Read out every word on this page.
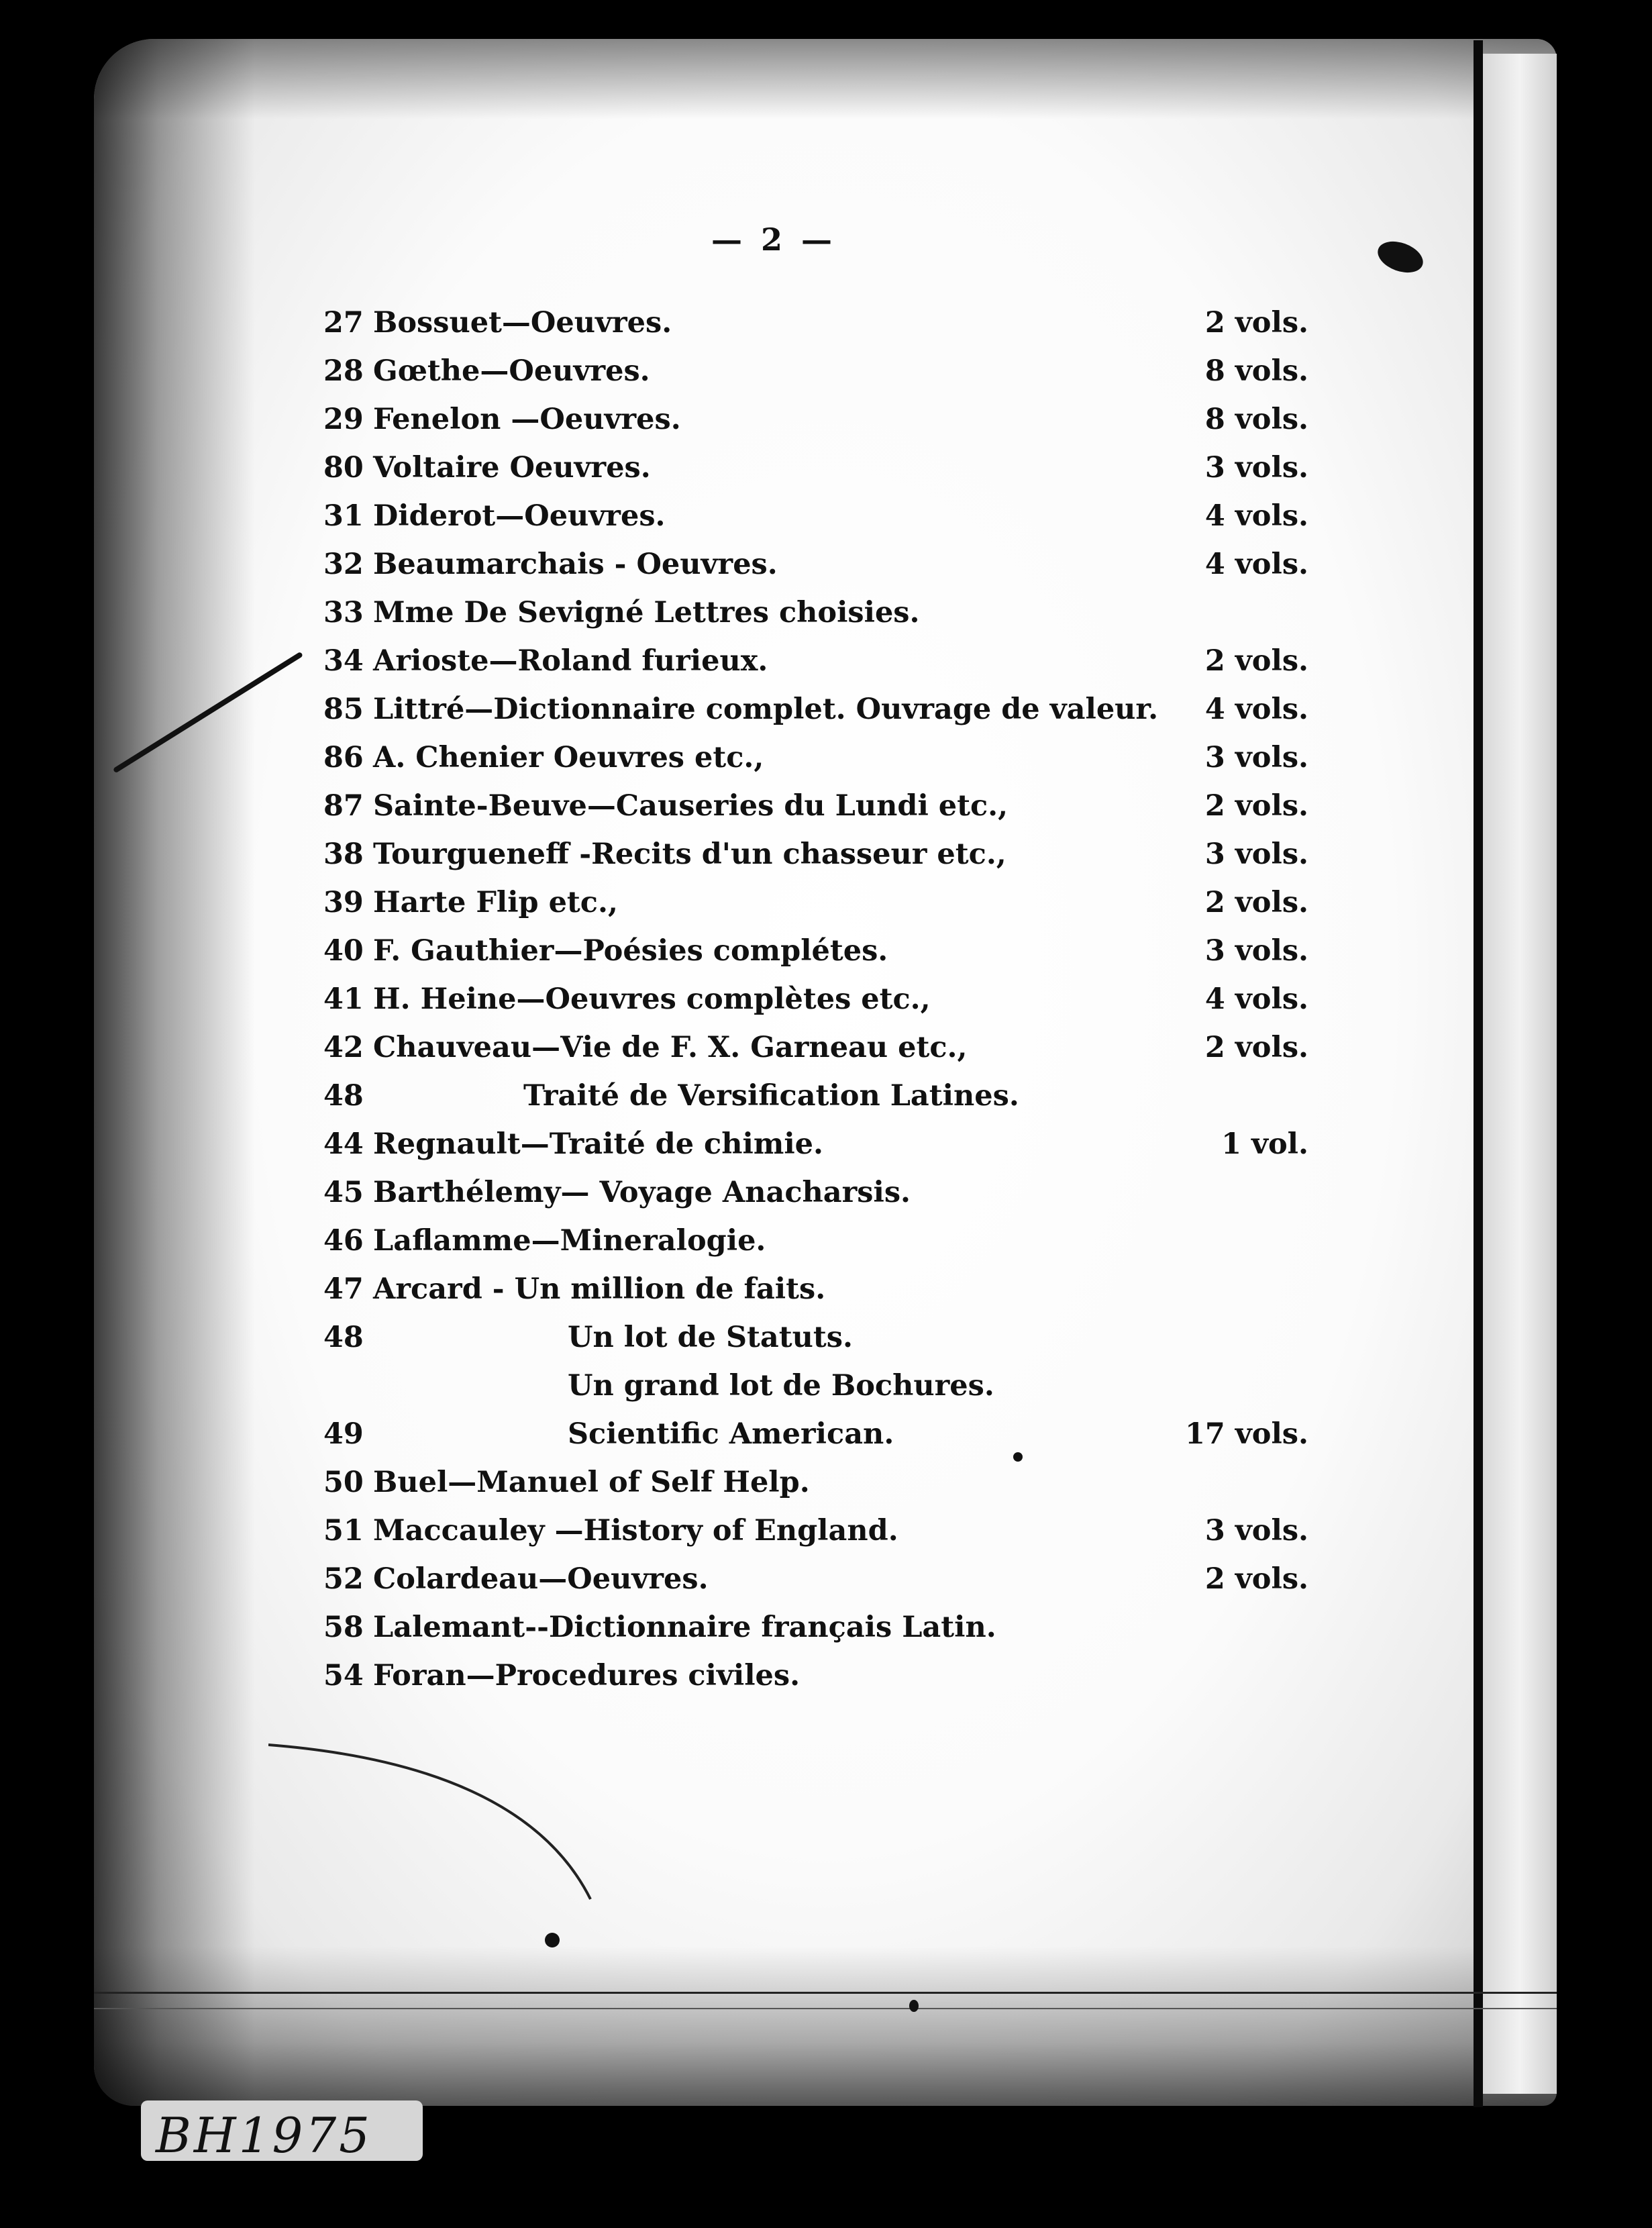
— 2 —
27 Bossuet—Oeuvres.	2 vols.
28 Gœthe—Oeuvres.	8 vols.
29 Fenelon —Oeuvres.	8 vols.
80 Voltaire Oeuvres.	3 vols.
31 Diderot—Oeuvres.	4 vols.
32 Beaumarchais - Oeuvres.	4 vols.
33 Mme De Sevigné Lettres choisies.
34 Arioste—Roland furieux.	2 vols.
85 Littré—Dictionnaire complet. Ouvrage de valeur. 4 vols.
86 A. Chenier Oeuvres etc.,	3 vols.
87 Sainte-Beuve—Causeries du Lundi etc.,	2 vols.
38 Tourgueneff -Recits d'un chasseur etc.,	3 vols.
39 Harte Flip etc.,	2 vols.
40 F. Gauthier—Poésies complétes.	3 vols.
41 H. Heine—Oeuvres complètes etc.,	4 vols.
42 Chauveau—Vie de F. X. Garneau etc.,	2 vols.
48	Traité de Versification Latines.
44 Regnault—Traité de chimie.	1 vol.
45 Barthélemy— Voyage Anacharsis.
46 Laflamme—Mineralogie.
47 Arcard - Un million de faits.
48	Un lot de Statuts.
Un grand lot de Bochures.
49	Scientific American.	17 vols.
50 Buel—Manuel of Self Help.
51 Maccauley —History of England.	3 vols.
52 Colardeau—Oeuvres.	2 vols.
58 Lalemant--Dictionnaire français Latin.
54 Foran—Procedures civiles.
BH1975
